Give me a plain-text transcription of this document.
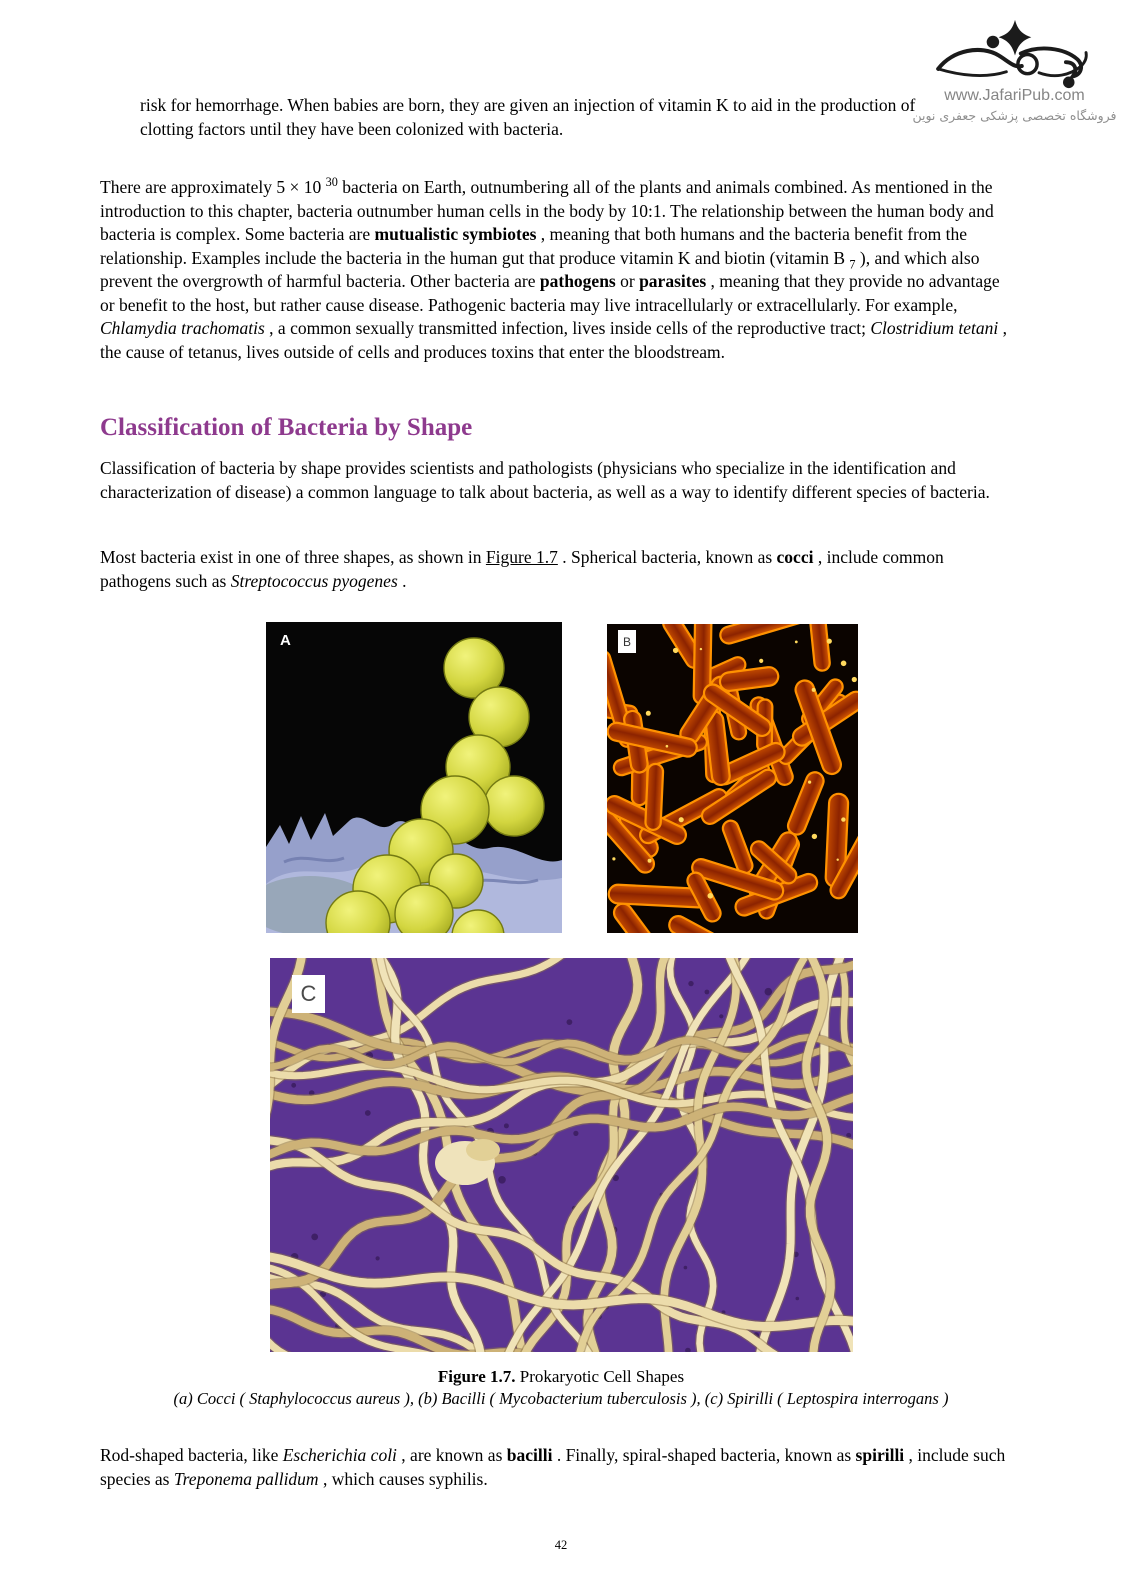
www.JafariPub.com
فروشگاه تخصصی پزشکی جعفری نوین

risk for hemorrhage. When babies are born, they are given an injection of vitamin K to aid in the production of clotting factors until they have been colonized with bacteria.

There are approximately 5 × 10 $^{30}$ bacteria on Earth, outnumbering all of the plants and animals combined. As mentioned in the introduction to this chapter, bacteria outnumber human cells in the body by 10:1. The relationship between the human body and bacteria is complex. Some bacteria are mutualistic symbiotes , meaning that both humans and the bacteria benefit from the relationship. Examples include the bacteria in the human gut that produce vitamin K and biotin (vitamin B $_7$ ), and which also prevent the overgrowth of harmful bacteria. Other bacteria are pathogens or parasites , meaning that they provide no advantage or benefit to the host, but rather cause disease. Pathogenic bacteria may live intracellularly or extracellularly. For example, Chlamydia trachomatis , a common sexually transmitted infection, lives inside cells of the reproductive tract; Clostridium tetani , the cause of tetanus, lives outside of cells and produces toxins that enter the bloodstream.

Classification of Bacteria by Shape

Classification of bacteria by shape provides scientists and pathologists (physicians who specialize in the identification and characterization of disease) a common language to talk about bacteria, as well as a way to identify different species of bacteria.

Most bacteria exist in one of three shapes, as shown in Figure 1.7 . Spherical bacteria, known as cocci , include common pathogens such as Streptococcus pyogenes .

A	B
C
Figure 1.7. Prokaryotic Cell Shapes
(a) Cocci ( Staphylococcus aureus ), (b) Bacilli ( Mycobacterium tuberculosis ), (c) Spirilli ( Leptospira interrogans )

Rod-shaped bacteria, like Escherichia coli , are known as bacilli . Finally, spiral-shaped bacteria, known as spirilli , include such species as Treponema pallidum , which causes syphilis.

42
